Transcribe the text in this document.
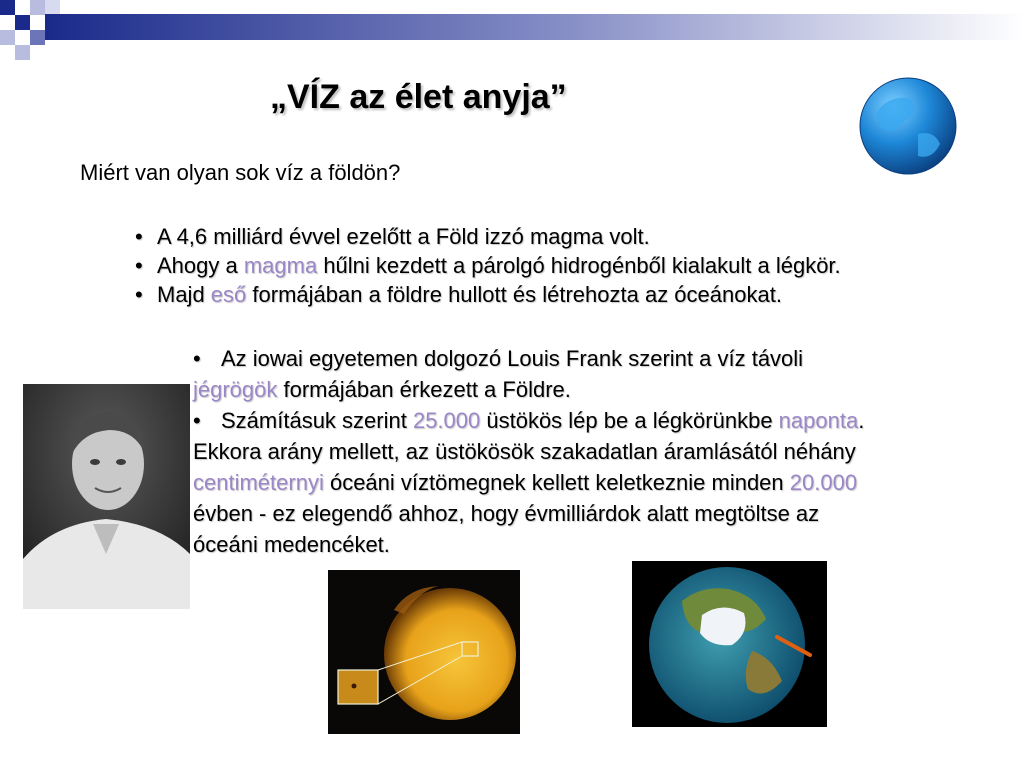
„VÍZ az élet anyja”
Miért van olyan sok víz a földön?
• A 4,6 milliárd évvel ezelőtt a Föld izzó magma volt.
• Ahogy a magma hűlni kezdett a párolgó hidrogénből kialakult a légkör.
• Majd eső formájában a földre hullott és létrehozta az óceánokat.
• Az iowai egyetemen dolgozó Louis Frank szerint a víz távoli
jégrögök formájában érkezett a Földre.
• Számításuk szerint 25.000 üstökös lép be a légkörünkbe naponta.
Ekkora arány mellett, az üstökösök szakadatlan áramlásától néhány
centiméternyi óceáni víztömegnek kellett keletkeznie minden 20.000
évben - ez elegendő ahhoz, hogy évmilliárdok alatt megtöltse az
óceáni medencéket.
